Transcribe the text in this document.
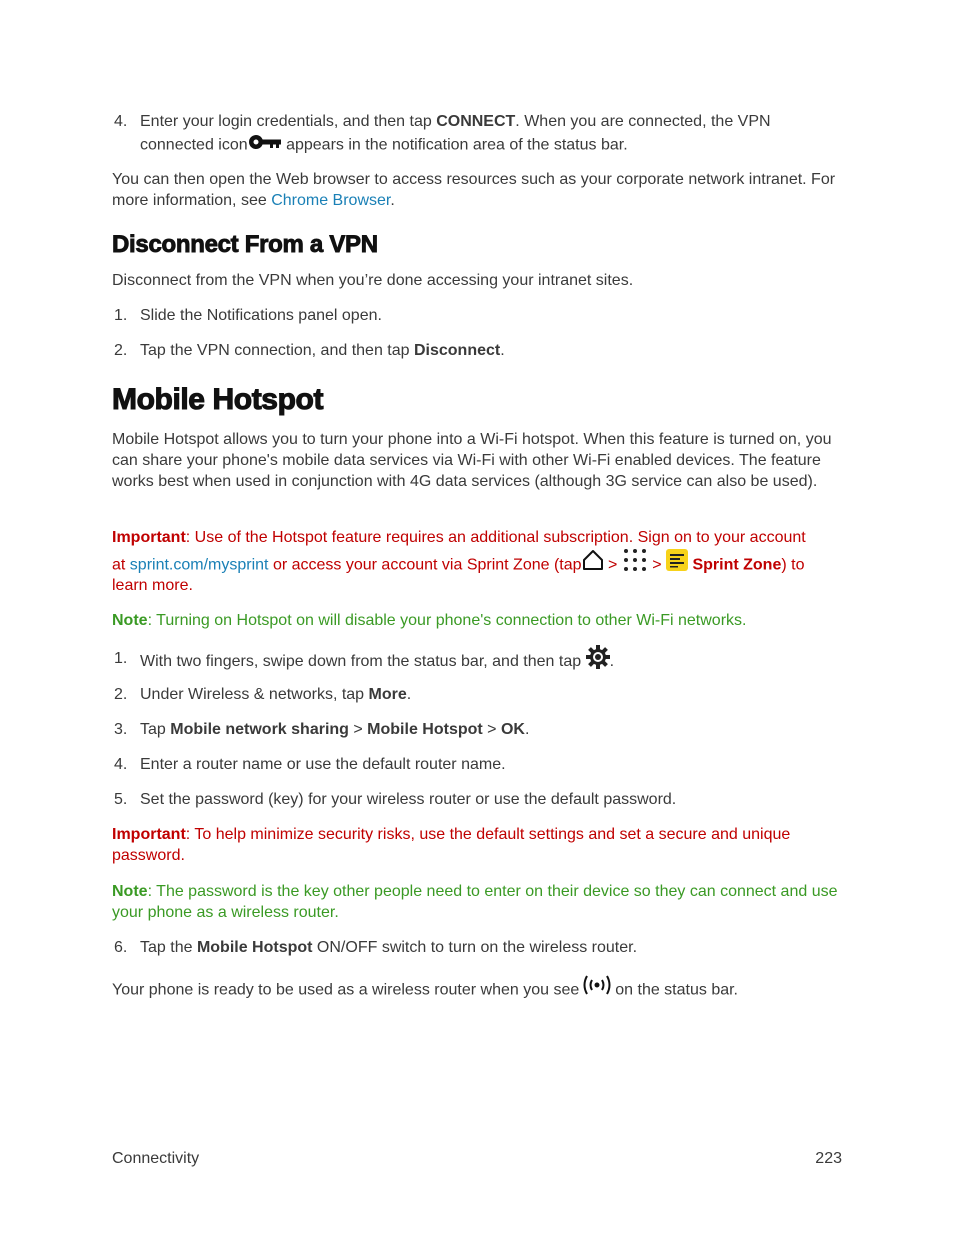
4. Enter your login credentials, and then tap CONNECT. When you are connected, the VPN
connected icon appears in the notification area of the status bar.

You can then open the Web browser to access resources such as your corporate network intranet. For more information, see Chrome Browser.

Disconnect From a VPN

Disconnect from the VPN when you’re done accessing your intranet sites.

1. Slide the Notifications panel open.
2. Tap the VPN connection, and then tap Disconnect.
Mobile Hotspot

Mobile Hotspot allows you to turn your phone into a Wi-Fi hotspot. When this feature is turned on, you can share your phone's mobile data services via Wi-Fi with other Wi-Fi enabled devices. The feature works best when used in conjunction with 4G data services (although 3G service can also be used).

Important: Use of the Hotspot feature requires an additional subscription. Sign on to your account
at sprint.com/mysprint or access your account via Sprint Zone (tap >  >  Sprint Zone) to
learn more.
Note: Turning on Hotspot on will disable your phone's connection to other Wi-Fi networks.
1. With two fingers, swipe down from the status bar, and then tap .
2. Under Wireless & networks, tap More.
3. Tap Mobile network sharing > Mobile Hotspot > OK.
4. Enter a router name or use the default router name.
5. Set the password (key) for your wireless router or use the default password.
Important: To help minimize security risks, use the default settings and set a secure and unique password.
Note: The password is the key other people need to enter on their device so they can connect and use your phone as a wireless router.
6. Tap the Mobile Hotspot ON/OFF switch to turn on the wireless router.
Your phone is ready to be used as a wireless router when you see on the status bar.
Connectivity	223
